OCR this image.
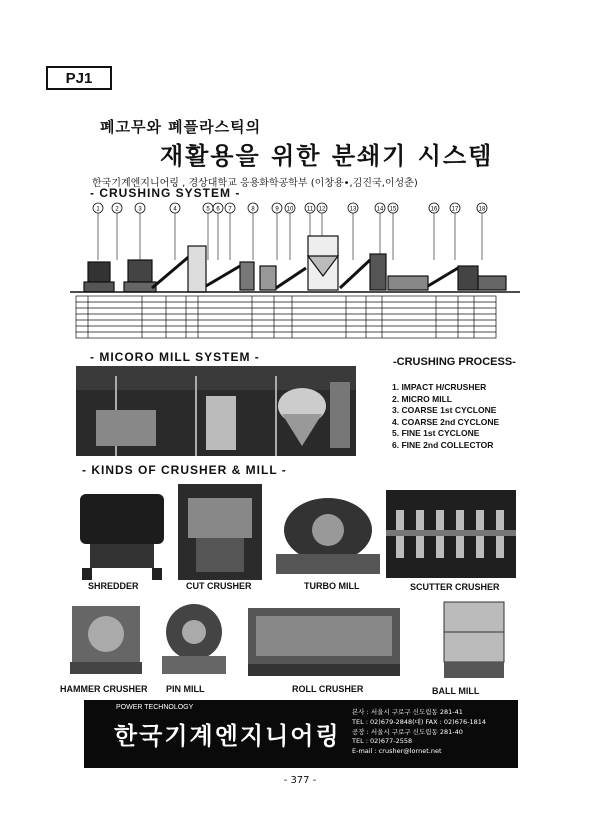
PJ1
폐고무와 폐플라스틱의
재활용을 위한 분쇄기 시스템
한국기계엔지니어링 , 경상대학교 응용화학공학부 (이창용•,김진국,이성춘)
- CRUSHING SYSTEM -
1	2	3	4	5 6 7	8	9 10 11 12	13	14 15	16 17	18
- MICORO MILL SYSTEM -	-CRUSHING PROCESS-
1. IMPACT H/CRUSHER
2. MICRO MILL
3. COARSE 1st CYCLONE
4. COARSE 2nd CYCLONE
5. FINE 1st CYCLONE
6. FINE 2nd COLLECTOR
- KINDS OF CRUSHER & MILL -
SHREDDER	CUT CRUSHER	TURBO MILL	SCUTTER CRUSHER
HAMMER CRUSHER PIN MILL	ROLL CRUSHER	BALL MILL
POWER TECHNOLOGY
한국기계엔지니어링
본사 : 서울시 구로구 신도림동 281-41
TEL : 02)679-2848(대) FAX : 02)676-1814
공장 : 서울시 구로구 신도림동 281-40
TEL : 02)677-2558
E-mail : crusher@lornet.net
- 377 -
